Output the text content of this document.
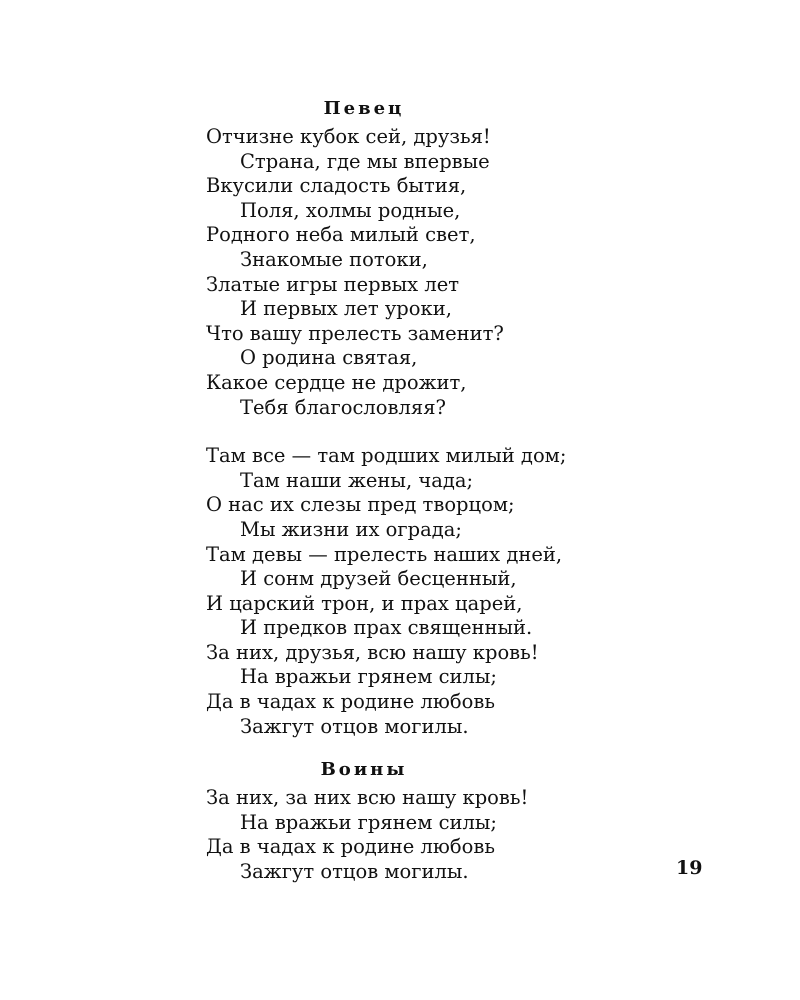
Певец
Отчизне кубок сей, друзья!
Страна, где мы впервые
Вкусили сладость бытия,
Поля, холмы родные,
Родного неба милый свет,
Знакомые потоки,
Златые игры первых лет
И первых лет уроки,
Что вашу прелесть заменит?
О родина святая,
Какое сердце не дрожит,
Тебя благословляя?
Там все — там родших милый дом;
Там наши жены, чада;
О нас их слезы пред творцом;
Мы жизни их ограда;
Там девы — прелесть наших дней,
И сонм друзей бесценный,
И царский трон, и прах царей,
И предков прах священный.
За них, друзья, всю нашу кровь!
На вражьи грянем силы;
Да в чадах к родине любовь
Зажгут отцов могилы.
Воины
За них, за них всю нашу кровь!
На вражьи грянем силы;
Да в чадах к родине любовь
Зажгут отцов могилы.	19
